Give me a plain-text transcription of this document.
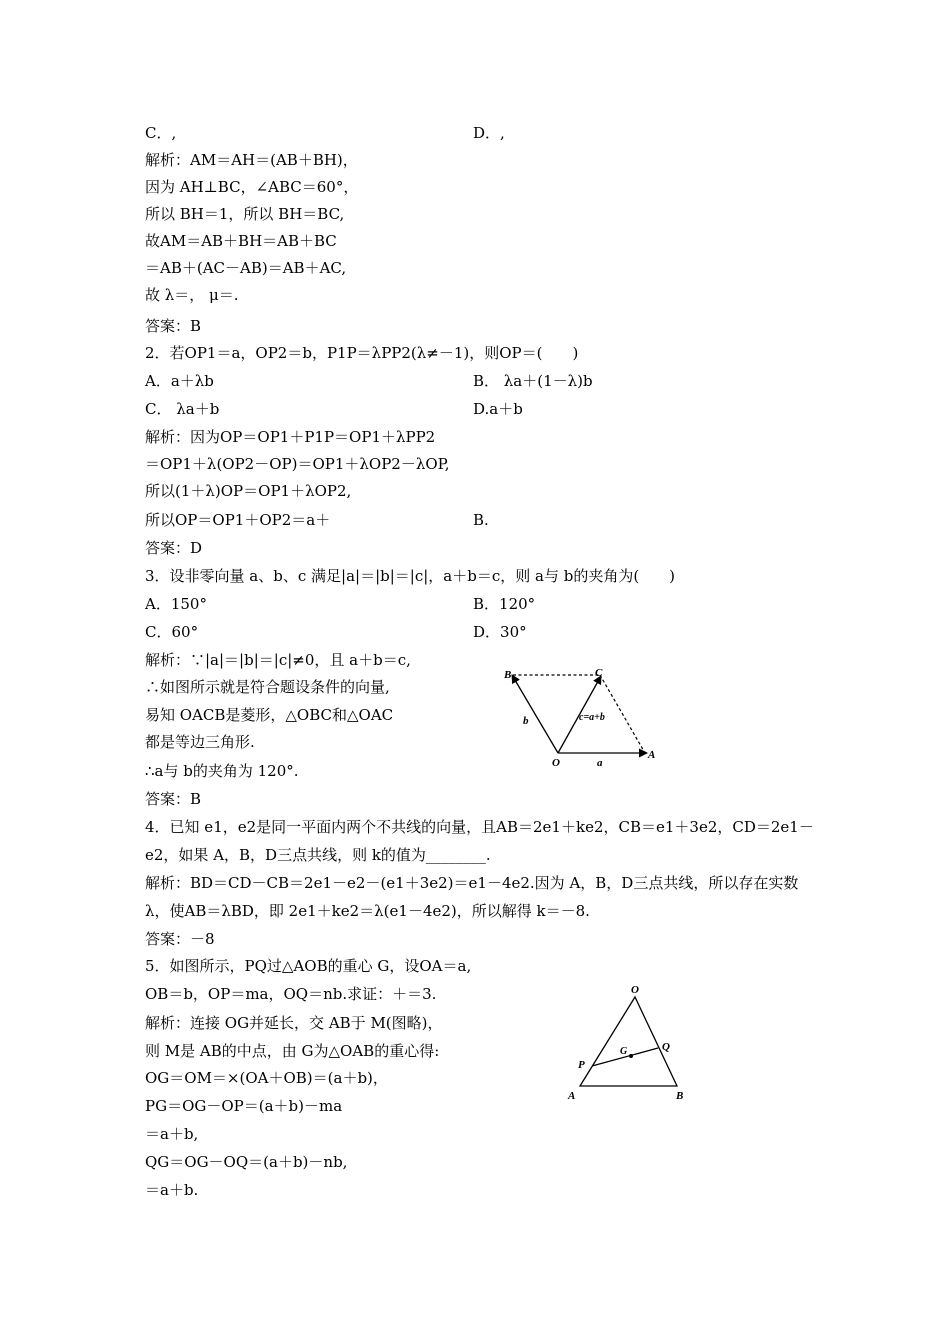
C．,	D．,
解析：AM＝AH＝(AB＋BH)，
因为 AH⊥BC，∠ABC＝60°，
所以 BH＝1，所以 BH＝BC,
故AM＝AB＋BH＝AB＋BC
＝AB＋(AC－AB)＝AB＋AC,
故 λ＝， μ＝.
答案：B
2．若OP1＝a，OP2＝b，P1P＝λPP2(λ≠－1)，则OP＝(　　)
A．a＋λb	B． λa＋(1－λ)b
C． λa＋b	D.a＋b
解析：因为OP＝OP1＋P1P＝OP1＋λPP2
＝OP1＋λ(OP2－OP)＝OP1＋λOP2－λOP,
所以(1＋λ)OP＝OP1＋λOP2,
所以OP＝OP1＋OP2＝a＋	B.
答案：D
3．设非零向量 a、b、c 满足|a|＝|b|＝|c|，a＋b＝c，则 a与 b的夹角为(　　)
A．150°	B．120°
C．60°	D．30°
解析：∵|a|＝|b|＝|c|≠0，且 a＋b＝c,
∴如图所示就是符合题设条件的向量,
易知 OACB是菱形，△OBC和△OAC
都是等边三角形.
∴a与 b的夹角为 120°.
答案：B
4．已知 e1，e2是同一平面内两个不共线的向量，且AB＝2e1＋ke2，CB＝e1＋3e2，CD＝2e1－
e2，如果 A，B，D三点共线，则 k的值为________.
解析：BD＝CD－CB＝2e1－e2－(e1＋3e2)＝e1－4e2.因为 A，B，D三点共线，所以存在实数
λ，使AB＝λBD，即 2e1＋ke2＝λ(e1－4e2)，所以解得 k＝－8.
答案：－8
5．如图所示，PQ过△AOB的重心 G，设OA＝a,
OB＝b，OP＝ma，OQ＝nb.求证：＋＝3.
解析：连接 OG并延长，交 AB于 M(图略)，
则 M是 AB的中点，由 G为△OAB的重心得:
OG＝OM＝×(OA＋OB)＝(a＋b)，
PG＝OG－OP＝(a＋b)－ma
＝a＋b,
QG＝OG－OQ＝(a＋b)－nb,
＝a＋b.
B	C
O
A
b
a
c=a+b
O
A	B
P
Q
G
